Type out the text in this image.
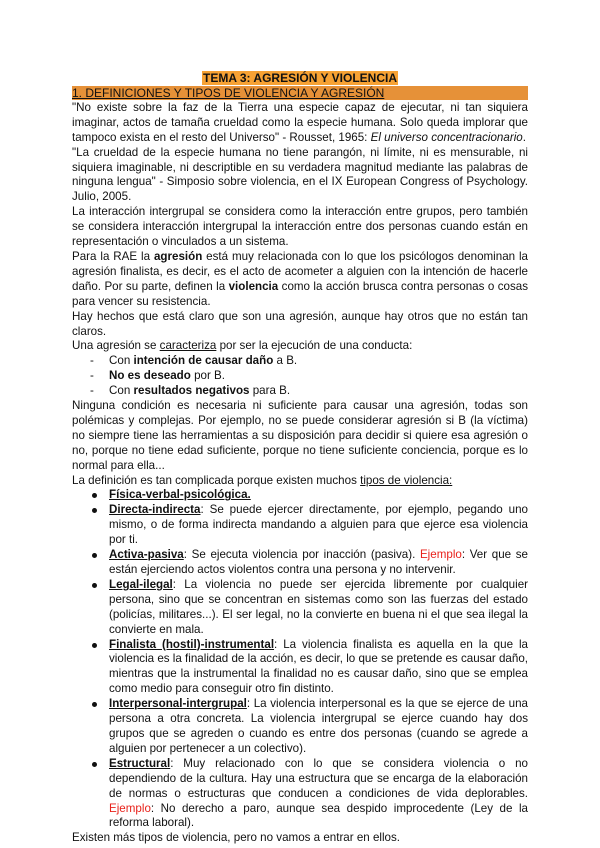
TEMA 3: AGRESIÓN Y VIOLENCIA
1. DEFINICIONES Y TIPOS DE VIOLENCIA Y AGRESIÓN

"No existe sobre la faz de la Tierra una especie capaz de ejecutar, ni tan siquiera imaginar, actos de tamaña crueldad como la especie humana. Solo queda implorar que tampoco exista en el resto del Universo" - Rousset, 1965: El universo concentracionario.

"La crueldad de la especie humana no tiene parangón, ni límite, ni es mensurable, ni siquiera imaginable, ni descriptible en su verdadera magnitud mediante las palabras de ninguna lengua" - Simposio sobre violencia, en el IX European Congress of Psychology. Julio, 2005.

La interacción intergrupal se considera como la interacción entre grupos, pero también se considera interacción intergrupal la interacción entre dos personas cuando están en representación o vinculados a un sistema.

Para la RAE la agresión está muy relacionada con lo que los psicólogos denominan la agresión finalista, es decir, es el acto de acometer a alguien con la intención de hacerle daño. Por su parte, definen la violencia como la acción brusca contra personas o cosas para vencer su resistencia.

Hay hechos que está claro que son una agresión, aunque hay otros que no están tan claros.

Una agresión se caracteriza por ser la ejecución de una conducta:

- Con intención de causar daño a B.
- No es deseado por B.
- Con resultados negativos para B.

Ninguna condición es necesaria ni suficiente para causar una agresión, todas son polémicas y complejas. Por ejemplo, no se puede considerar agresión si B (la víctima) no siempre tiene las herramientas a su disposición para decidir si quiere esa agresión o no, porque no tiene edad suficiente, porque no tiene suficiente conciencia, porque es lo normal para ella...

La definición es tan complicada porque existen muchos tipos de violencia:

Física-verbal-psicológica.
Directa-indirecta: Se puede ejercer directamente, por ejemplo, pegando uno mismo, o de forma indirecta mandando a alguien para que ejerce esa violencia por ti.
Activa-pasiva: Se ejecuta violencia por inacción (pasiva). Ejemplo: Ver que se están ejerciendo actos violentos contra una persona y no intervenir.
Legal-ilegal: La violencia no puede ser ejercida libremente por cualquier persona, sino que se concentran en sistemas como son las fuerzas del estado (policías, militares...). El ser legal, no la convierte en buena ni el que sea ilegal la convierte en mala.
Finalista (hostil)-instrumental: La violencia finalista es aquella en la que la violencia es la finalidad de la acción, es decir, lo que se pretende es causar daño, mientras que la instrumental la finalidad no es causar daño, sino que se emplea como medio para conseguir otro fin distinto.
Interpersonal-intergrupal: La violencia interpersonal es la que se ejerce de una persona a otra concreta. La violencia intergrupal se ejerce cuando hay dos grupos que se agreden o cuando es entre dos personas (cuando se agrede a alguien por pertenecer a un colectivo).
Estructural: Muy relacionado con lo que se considera violencia o no dependiendo de la cultura. Hay una estructura que se encarga de la elaboración de normas o estructuras que conducen a condiciones de vida deplorables. Ejemplo: No derecho a paro, aunque sea despido improcedente (Ley de la reforma laboral).

Existen más tipos de violencia, pero no vamos a entrar en ellos.
